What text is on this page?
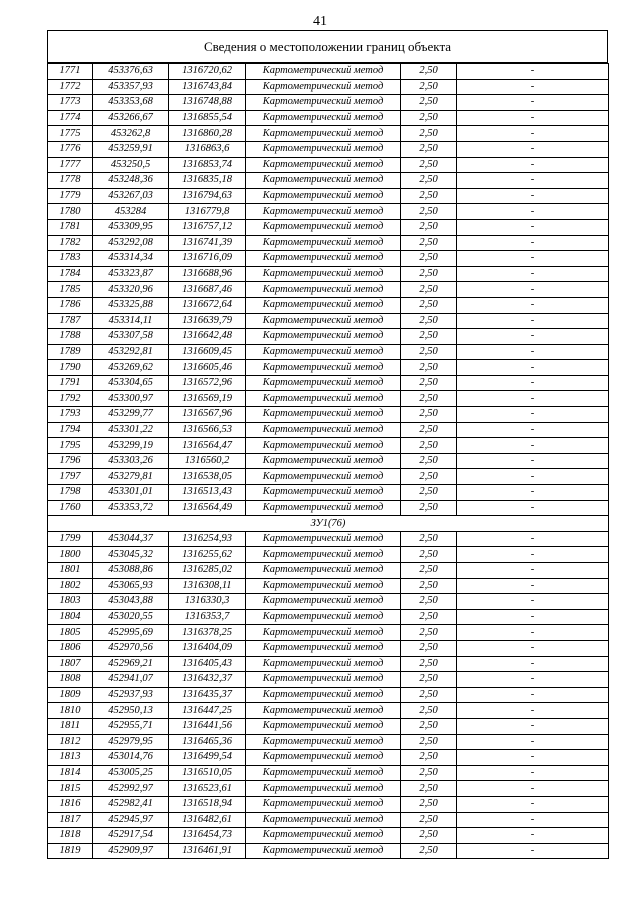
41
Сведения о местоположении границ объекта
1771	453376,63	1316720,62	Картометрический метод	2,50	-
1772	453357,93	1316743,84	Картометрический метод	2,50	-
1773	453353,68	1316748,88	Картометрический метод	2,50	-
1774	453266,67	1316855,54	Картометрический метод	2,50	-
1775	453262,8	1316860,28	Картометрический метод	2,50	-
1776	453259,91	1316863,6	Картометрический метод	2,50	-
1777	453250,5	1316853,74	Картометрический метод	2,50	-
1778	453248,36	1316835,18	Картометрический метод	2,50	-
1779	453267,03	1316794,63	Картометрический метод	2,50	-
1780	453284	1316779,8	Картометрический метод	2,50	-
1781	453309,95	1316757,12	Картометрический метод	2,50	-
1782	453292,08	1316741,39	Картометрический метод	2,50	-
1783	453314,34	1316716,09	Картометрический метод	2,50	-
1784	453323,87	1316688,96	Картометрический метод	2,50	-
1785	453320,96	1316687,46	Картометрический метод	2,50	-
1786	453325,88	1316672,64	Картометрический метод	2,50	-
1787	453314,11	1316639,79	Картометрический метод	2,50	-
1788	453307,58	1316642,48	Картометрический метод	2,50	-
1789	453292,81	1316609,45	Картометрический метод	2,50	-
1790	453269,62	1316605,46	Картометрический метод	2,50	-
1791	453304,65	1316572,96	Картометрический метод	2,50	-
1792	453300,97	1316569,19	Картометрический метод	2,50	-
1793	453299,77	1316567,96	Картометрический метод	2,50	-
1794	453301,22	1316566,53	Картометрический метод	2,50	-
1795	453299,19	1316564,47	Картометрический метод	2,50	-
1796	453303,26	1316560,2	Картометрический метод	2,50	-
1797	453279,81	1316538,05	Картометрический метод	2,50	-
1798	453301,01	1316513,43	Картометрический метод	2,50	-
1760	453353,72	1316564,49	Картометрический метод	2,50	-
ЗУ1(76)					
1799	453044,37	1316254,93	Картометрический метод	2,50	-
1800	453045,32	1316255,62	Картометрический метод	2,50	-
1801	453088,86	1316285,02	Картометрический метод	2,50	-
1802	453065,93	1316308,11	Картометрический метод	2,50	-
1803	453043,88	1316330,3	Картометрический метод	2,50	-
1804	453020,55	1316353,7	Картометрический метод	2,50	-
1805	452995,69	1316378,25	Картометрический метод	2,50	-
1806	452970,56	1316404,09	Картометрический метод	2,50	-
1807	452969,21	1316405,43	Картометрический метод	2,50	-
1808	452941,07	1316432,37	Картометрический метод	2,50	-
1809	452937,93	1316435,37	Картометрический метод	2,50	-
1810	452950,13	1316447,25	Картометрический метод	2,50	-
1811	452955,71	1316441,56	Картометрический метод	2,50	-
1812	452979,95	1316465,36	Картометрический метод	2,50	-
1813	453014,76	1316499,54	Картометрический метод	2,50	-
1814	453005,25	1316510,05	Картометрический метод	2,50	-
1815	452992,97	1316523,61	Картометрический метод	2,50	-
1816	452982,41	1316518,94	Картометрический метод	2,50	-
1817	452945,97	1316482,61	Картометрический метод	2,50	-
1818	452917,54	1316454,73	Картометрический метод	2,50	-
1819	452909,97	1316461,91	Картометрический метод	2,50	-
